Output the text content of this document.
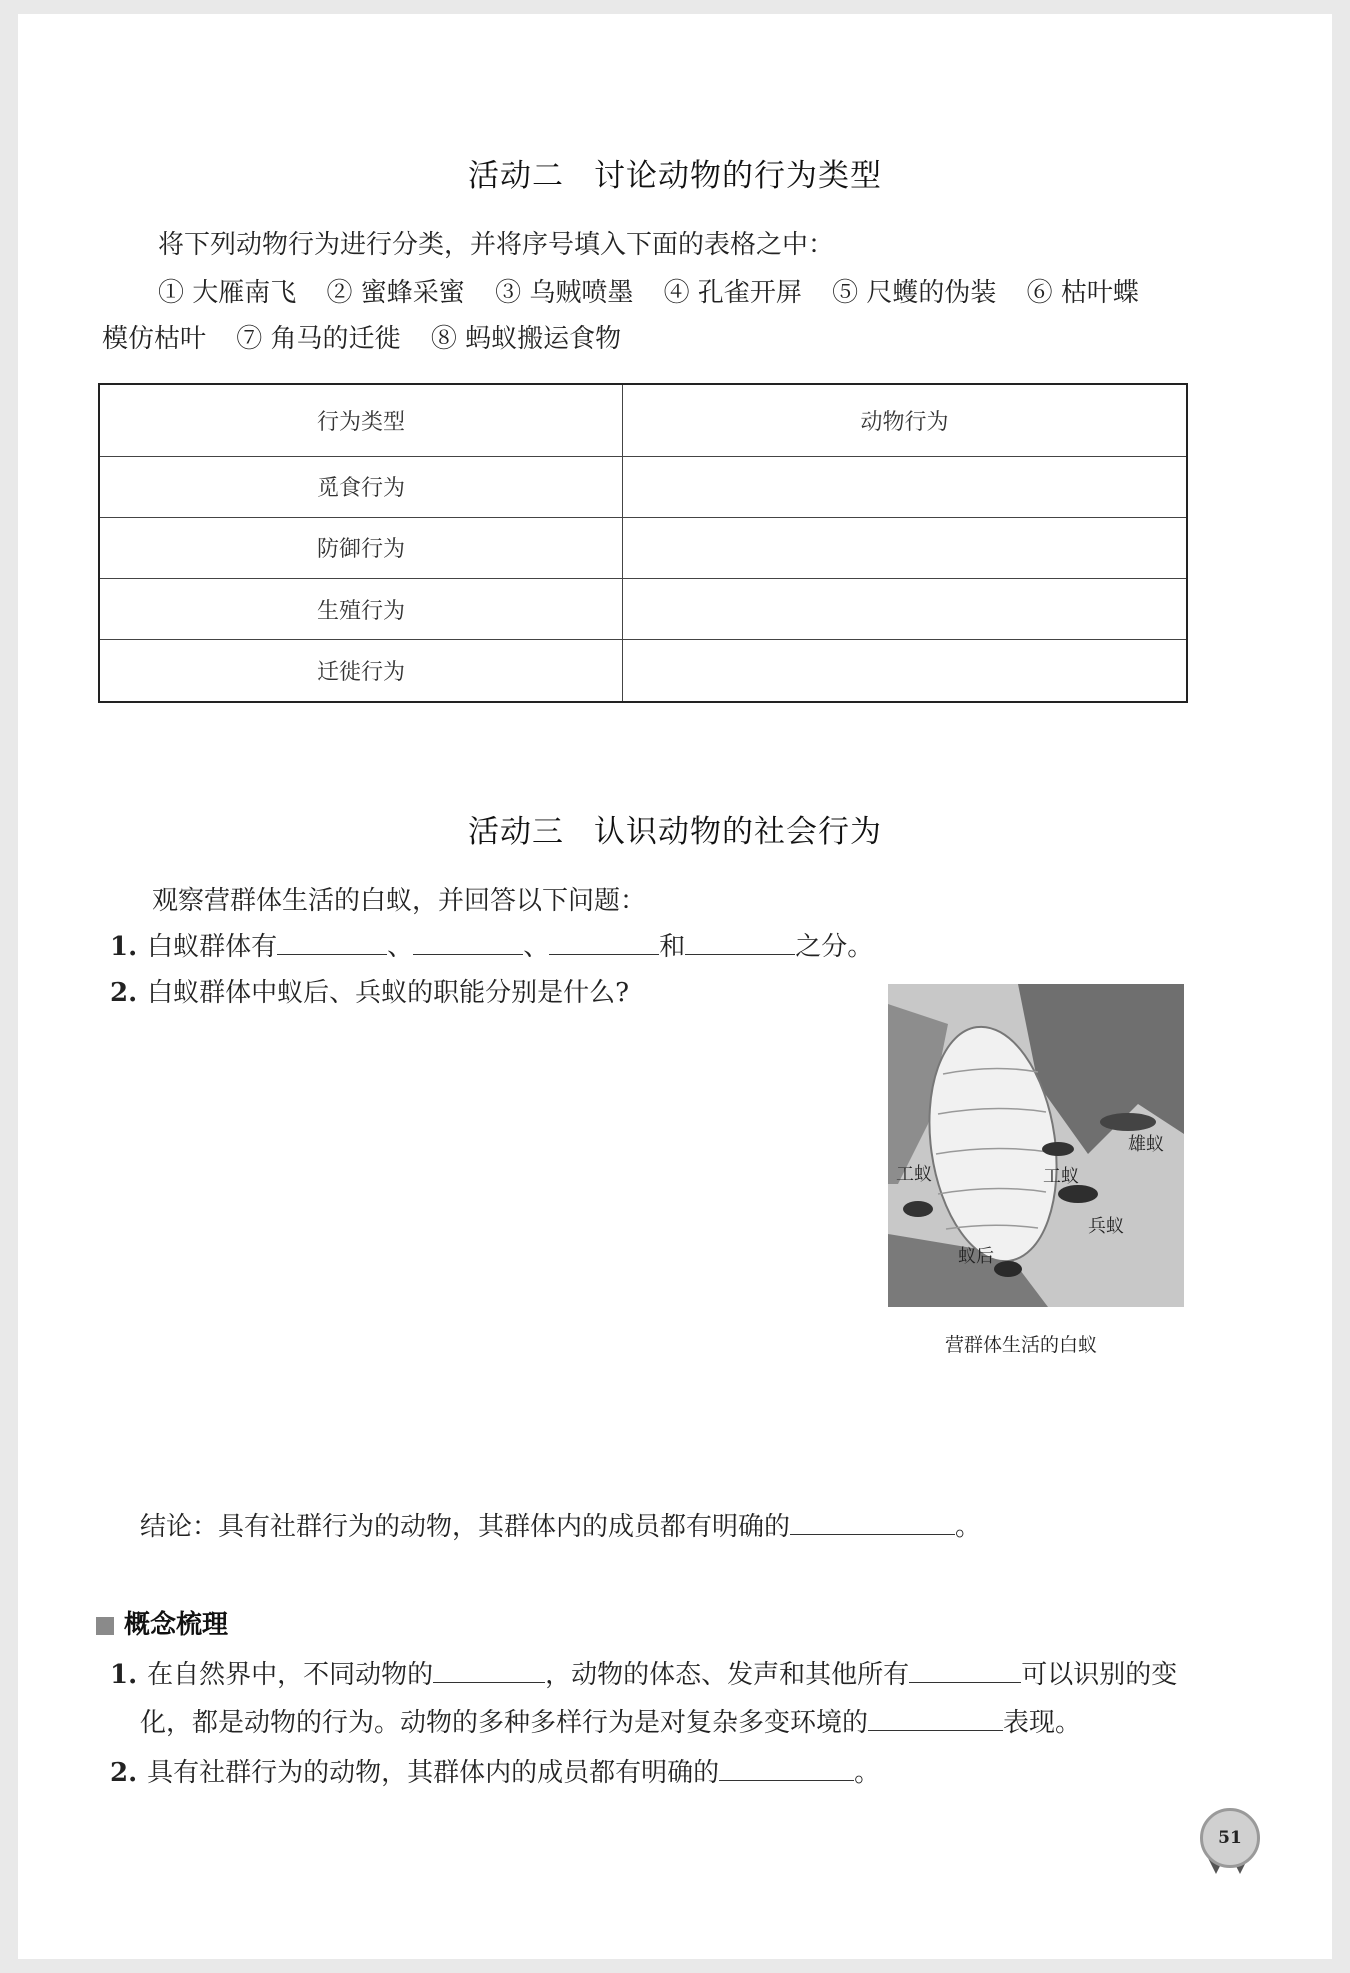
活动二 讨论动物的行为类型
将下列动物行为进行分类，并将序号填入下面的表格之中：
① 大雁南飞 ② 蜜蜂采蜜 ③ 乌贼喷墨 ④ 孔雀开屏 ⑤ 尺蠖的伪装 ⑥ 枯叶蝶
模仿枯叶 ⑦ 角马的迁徙 ⑧ 蚂蚁搬运食物
行为类型	动物行为
觅食行为	
防御行为	
生殖行为	
迁徙行为	
活动三 认识动物的社会行为
观察营群体生活的白蚁，并回答以下问题：
1. 白蚁群体有	、	、	和	之分。
2. 白蚁群体中蚁后、兵蚁的职能分别是什么?
雄蚁
工蚁	工蚁
兵蚁
蚁后
营群体生活的白蚁
结论：具有社群行为的动物，其群体内的成员都有明确的	。
概念梳理
1. 在自然界中，不同动物的	，动物的体态、发声和其他所有	可以识别的变
化，都是动物的行为。动物的多种多样行为是对复杂多变环境的	表现。
2. 具有社群行为的动物，其群体内的成员都有明确的	。
51
